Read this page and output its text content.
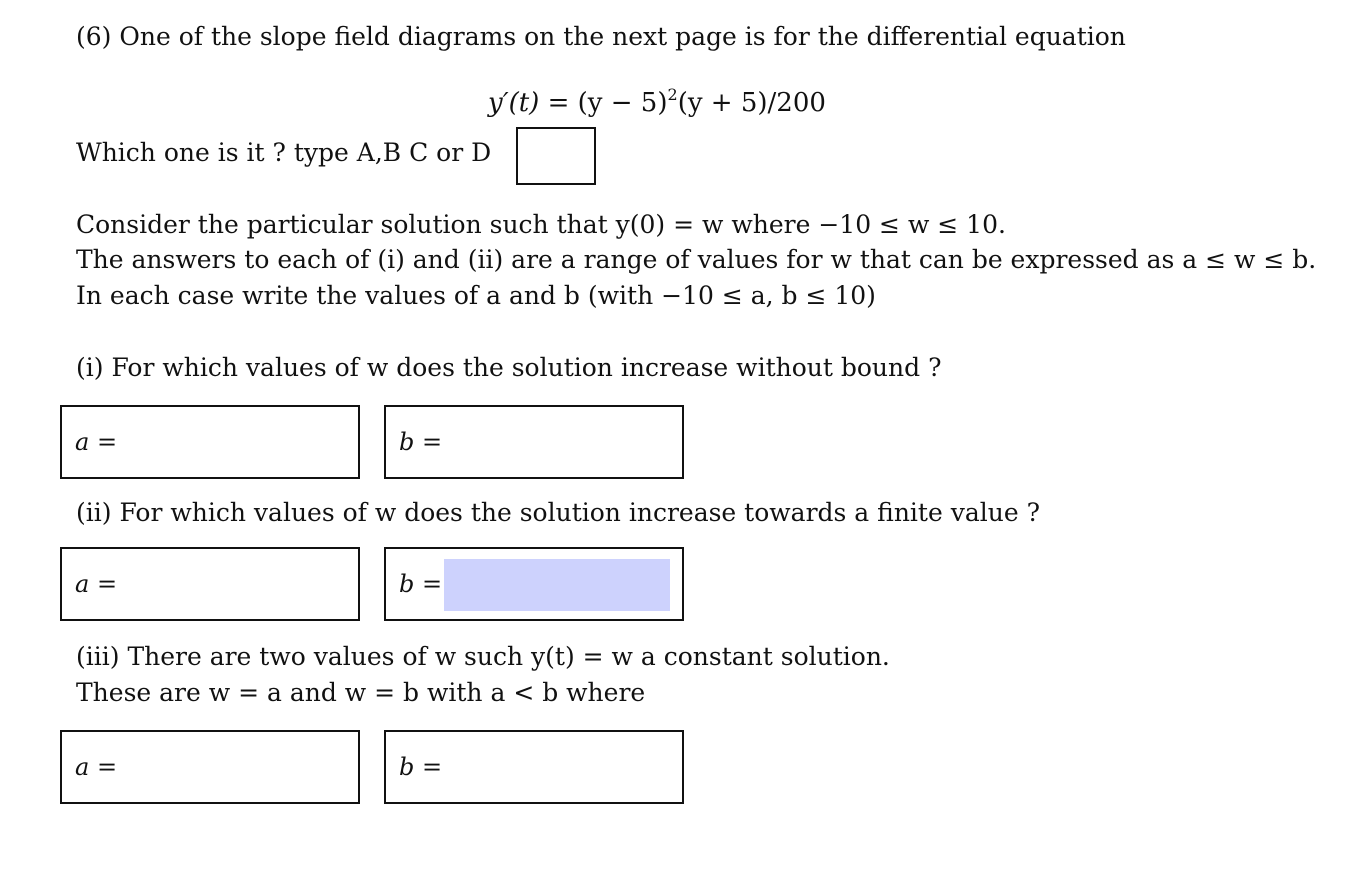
(6) One of the slope field diagrams on the next page is for the differential equation
$y'(t) = (y - 5)^2(y + 5)/200$
Which one is it ? type A,B C or D
Consider the particular solution such that y(0) = w where −10 ≤ w ≤ 10.
The answers to each of (i) and (ii) are a range of values for w that can be expressed as a ≤ w ≤ b.
In each case write the values of a and b (with −10 ≤ a, b ≤ 10)
(i) For which values of w does the solution increase without bound ?
a =	b =
(ii) For which values of w does the solution increase towards a finite value ?
a =	b =
(iii) There are two values of w such y(t) = w a constant solution.
These are w = a and w = b with a < b where
a =	b =
